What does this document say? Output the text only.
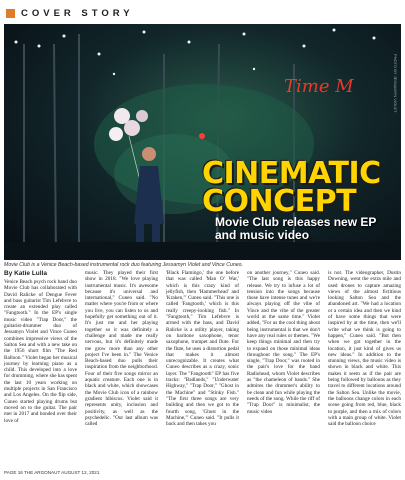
COVER STORY
Time M	PHOTO BY JESSAMYN VIOLET
CINEMATIC
CONCEPT
Movie Club releases new EP and music video
Movie Club is a Venice Beach-based instrumental rock duo featuring Jessamyn Violet and Vince Cuneo.
By Katie Lulla
Venice Beach psych rock band duo Movie Club has collaborated with David Ralicke of Dengue Fever and bass guitarist Tim Lefebvre to create an extended play called "Fangtooth." In the EP's single music video "Trap Door," the guitarist-drummer duo of Jessamyn Violet and Vince Cuneo combines impressive views of the Salton Sea and with a new take on the 1956 short film "The Red Balloon." Violet began her musical journey by learning piano as a child. This developed into a love for drumming, where she has spent the last 10 years working on multiple projects in San Francisco and Los Angeles. On the flip side, Cuneo started playing drums but moved on to the guitar. The pair met in 2017 and bonded over their love of
music. They played their first show in 2018. "We love playing instrumental music. It's awesome because it's universal and international," Cuneo said. "No matter where you're from or where you live, you can listen to us and hopefully get something out of it. It's just me and her playing together so it was definitely a challenge and made me really nervous, but it's definitely made me grow more than any other project I've been in." The Venice Beach-based duo pulls their inspiration from the neighborhood. Four of their five songs mirror an aquatic creature. Each one is in black and white, which showcases the Movie Club icon of a rainbow gradient hibiscus. Violet said it represents unity, inclusion and positivity, as well as the psychedelic. "Our last album was called
'Black Flamingo,' the one before that was called 'Man O' War,' which is this crazy kind of jellyfish, then 'Hammerhead' and 'Kraken,'" Cuneo said. "This one is called 'Fangtooth,' which is this really creepy-looking fish." In "Fangtooth," Tim Lefebvre is armed with the bass, and David Ralicke is a utility player, taking on baritone saxophone, tenor saxophone, trumpet and flute. For the flute, he uses a distortion pedal that makes it almost unrecognizable. It creates what Cuneo describes as a crazy, sonic layer. The "Fangtooth" EP has five tracks: "Badlands," "Underwater Highway," "Trap Door," "Ghost in the Machine" and "Stinky Fish." "The first three songs are very building and then we got to the fourth song, 'Ghost in the Machine,'" Cuneo said. "It pulls it back and then takes you
on another journey," Cuneo said. "The last song is this happy release. We try to infuse a lot of tension into the songs because those have intense tunes and we're always playing off the vibe of Vince and the vibe of the greater world at the same time." Violet added, "For us the cool thing about being instrumental is that we don't have any real rules or themes. "We keep things minimal and then try to expand on those minimal ideas throughout the song." The EP's single, "Trap Door," was rooted in the pair's love for the band Radiohead, whom Violet describes as "the chameleon of bands." She admires the drummer's ability to be clean and fun while playing the needs of the song. While the riff of "Trap Door" is minimalist, the music video
is not. The videographer, Dustin Downing, went the extra mile and used drones to capture amazing views of the almost fictitious looking Salton Sea and the abandoned art. "We had a location or a certain idea and then we kind of have some things that were inspired by at the time, then we'll write what we think is going to happen," Cuneo said. "But then when we got together in the location, it just kind of gives us new ideas." In addition to the stunning views, the music video is shown in black and white. This makes it seem as if the pair are being followed by balloons as they travel to different locations around the Salton Sea. Unlike the movie, the balloons change colors in each scene going from red, blue, black to purple, and then a mix of colors with a main group of white. Violet said the balloon choice
PAGE 16 THE ARGONAUT AUGUST 12, 2021
